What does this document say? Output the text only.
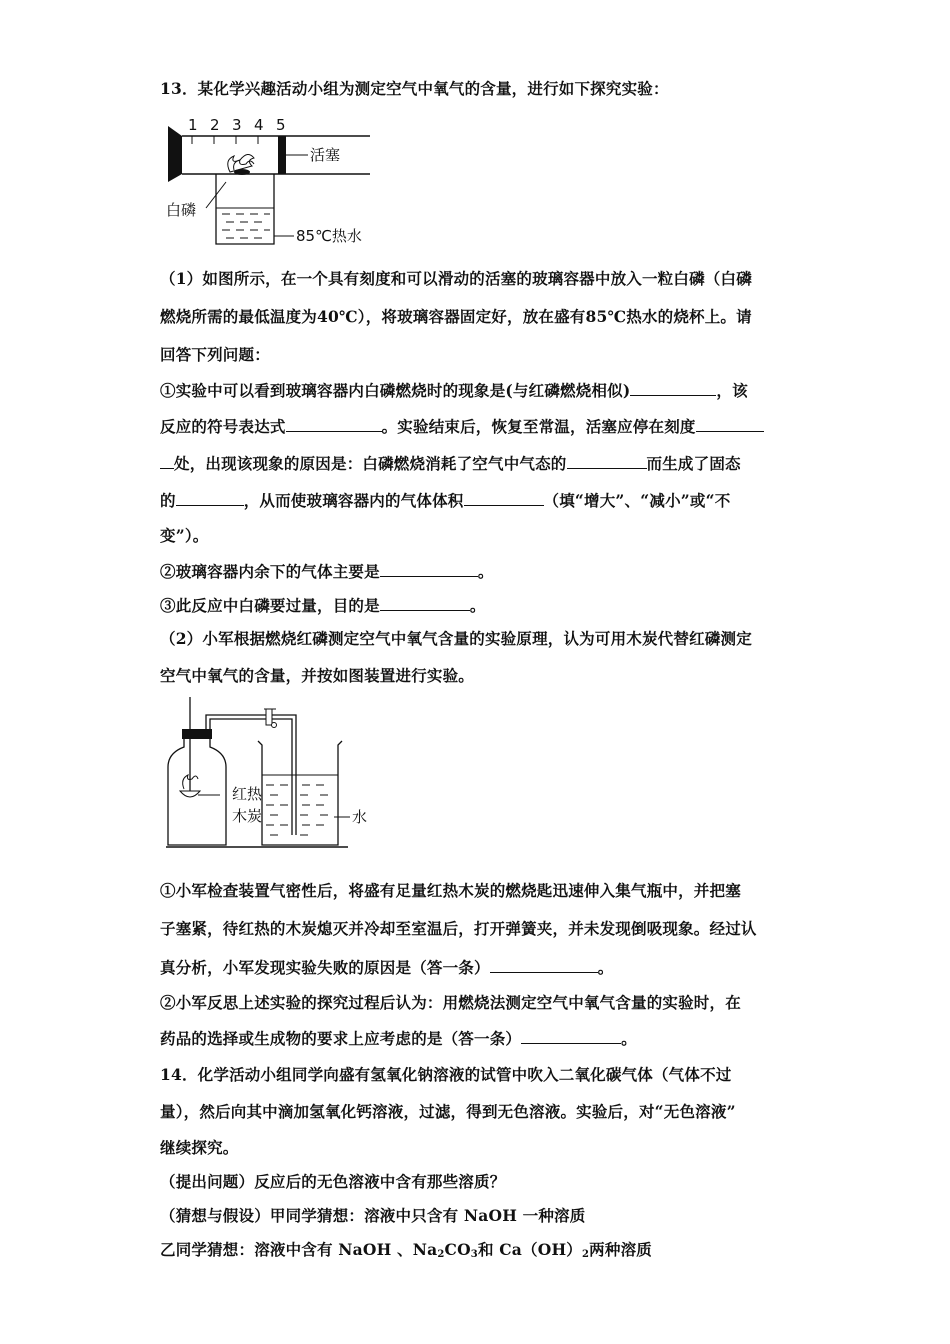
13．某化学兴趣活动小组为测定空气中氧气的含量，进行如下探究实验：
1 2 3 4 5
活塞
白磷
85℃热水
（1）如图所示，在一个具有刻度和可以滑动的活塞的玻璃容器中放入一粒白磷（白磷
燃烧所需的最低温度为40℃），将玻璃容器固定好，放在盛有85℃热水的烧杯上。请
回答下列问题：
①实验中可以看到玻璃容器内白磷燃烧时的现象是(与红磷燃烧相似)	，该
反应的符号表达式	。实验结束后，恢复至常温，活塞应停在刻度
处，出现该现象的原因是：白磷燃烧消耗了空气中气态的	而生成了固态
的	，从而使玻璃容器内的气体体积	（填“增大”、“减小”或“不
变”）。
②玻璃容器内余下的气体主要是	。
③此反应中白磷要过量，目的是	。
（2）小军根据燃烧红磷测定空气中氧气含量的实验原理，认为可用木炭代替红磷测定
空气中氧气的含量，并按如图装置进行实验。
红热
木炭	水
①小军检查装置气密性后，将盛有足量红热木炭的燃烧匙迅速伸入集气瓶中，并把塞
子塞紧，待红热的木炭熄灭并冷却至室温后，打开弹簧夹，并未发现倒吸现象。经过认
真分析，小军发现实验失败的原因是（答一条）	。
②小军反思上述实验的探究过程后认为：用燃烧法测定空气中氧气含量的实验时，在
药品的选择或生成物的要求上应考虑的是（答一条）	。
14．化学活动小组同学向盛有氢氧化钠溶液的试管中吹入二氧化碳气体（气体不过
量），然后向其中滴加氢氧化钙溶液，过滤，得到无色溶液。实验后，对“无色溶液”
继续探究。
（提出问题）反应后的无色溶液中含有那些溶质？
（猜想与假设）甲同学猜想：溶液中只含有 NaOH 一种溶质
乙同学猜想：溶液中含有 NaOH 、$Na_2CO_3$和 $Ca(OH)_2$两种溶质
